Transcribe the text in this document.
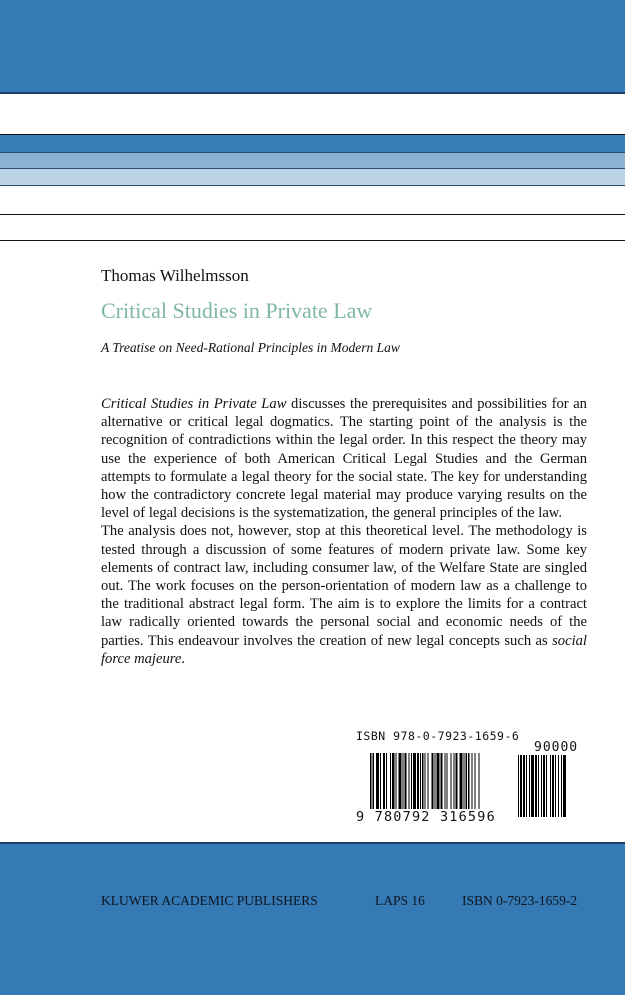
Thomas Wilhelmsson
Critical Studies in Private Law
A Treatise on Need-Rational Principles in Modern Law

Critical Studies in Private Law discusses the prerequisites and possibilities for an alternative or critical legal dogmatics. The starting point of the analysis is the recognition of contradictions within the legal order. In this respect the theory may use the experience of both American Critical Legal Studies and the German attempts to formulate a legal theory for the social state. The key for understanding how the contradictory concrete legal material may produce varying results on the level of legal decisions is the systematization, the general principles of the law.

The analysis does not, however, stop at this theoretical level. The methodology is tested through a discussion of some features of modern private law. Some key elements of contract law, including consumer law, of the Welfare State are singled out. The work focuses on the person-orientation of modern law as a challenge to the traditional abstract legal form. The aim is to explore the limits for a contract law radically oriented towards the personal social and economic needs of the parties. This endeavour involves the creation of new legal concepts such as social force majeure.

ISBN 978-0-7923-1659-6
90000
9 780792 316596
KLUWER ACADEMIC PUBLISHERS	LAPS 16	ISBN 0-7923-1659-2
